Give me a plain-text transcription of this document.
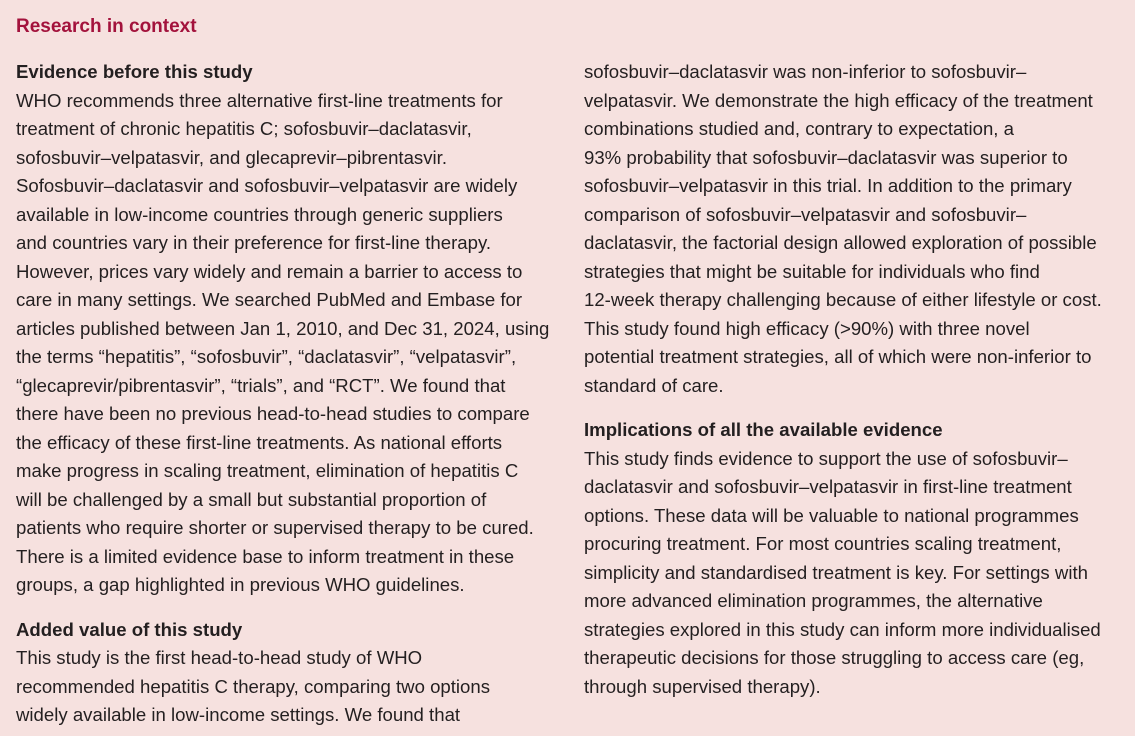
Research in context
Evidence before this study

WHO recommends three alternative first-line treatments for
treatment of chronic hepatitis C; sofosbuvir–daclatasvir,
sofosbuvir–velpatasvir, and glecaprevir–pibrentasvir.
Sofosbuvir–daclatasvir and sofosbuvir–velpatasvir are widely
available in low-income countries through generic suppliers
and countries vary in their preference for first-line therapy.
However, prices vary widely and remain a barrier to access to
care in many settings. We searched PubMed and Embase for
articles published between Jan 1, 2010, and Dec 31, 2024, using
the terms “hepatitis”, “sofosbuvir”, “daclatasvir”, “velpatasvir”,
“glecaprevir/pibrentasvir”, “trials”, and “RCT”. We found that
there have been no previous head-to-head studies to compare
the efficacy of these first-line treatments. As national efforts
make progress in scaling treatment, elimination of hepatitis C
will be challenged by a small but substantial proportion of
patients who require shorter or supervised therapy to be cured.
There is a limited evidence base to inform treatment in these
groups, a gap highlighted in previous WHO guidelines.

Added value of this study

This study is the first head-to-head study of WHO
recommended hepatitis C therapy, comparing two options
widely available in low-income settings. We found that

sofosbuvir–daclatasvir was non-inferior to sofosbuvir–
velpatasvir. We demonstrate the high efficacy of the treatment
combinations studied and, contrary to expectation, a
93% probability that sofosbuvir–daclatasvir was superior to
sofosbuvir–velpatasvir in this trial. In addition to the primary
comparison of sofosbuvir–velpatasvir and sofosbuvir–
daclatasvir, the factorial design allowed exploration of possible
strategies that might be suitable for individuals who find
12-week therapy challenging because of either lifestyle or cost.
This study found high efficacy (>90%) with three novel
potential treatment strategies, all of which were non-inferior to
standard of care.

Implications of all the available evidence

This study finds evidence to support the use of sofosbuvir–
daclatasvir and sofosbuvir–velpatasvir in first-line treatment
options. These data will be valuable to national programmes
procuring treatment. For most countries scaling treatment,
simplicity and standardised treatment is key. For settings with
more advanced elimination programmes, the alternative
strategies explored in this study can inform more individualised
therapeutic decisions for those struggling to access care (eg,
through supervised therapy).
